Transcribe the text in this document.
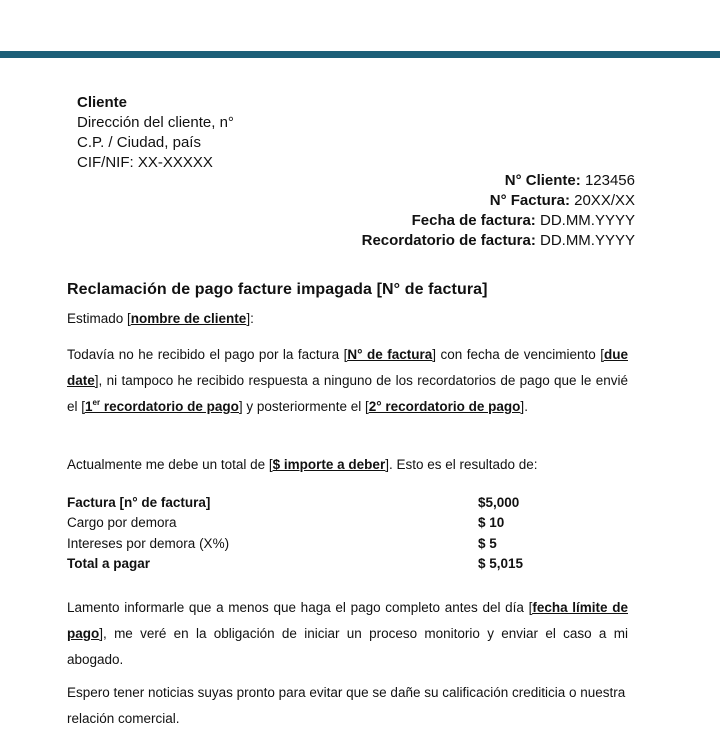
Cliente
Dirección del cliente, n°
C.P. / Ciudad, país
CIF/NIF: XX-XXXXX
N° Cliente: 123456
N° Factura: 20XX/XX
Fecha de factura: DD.MM.YYYY
Recordatorio de factura: DD.MM.YYYY
Reclamación de pago facture impagada [N° de factura]
Estimado [nombre de cliente]:
Todavía no he recibido el pago por la factura [N° de factura] con fecha de vencimiento [due date], ni tampoco he recibido respuesta a ninguno de los recordatorios de pago que le envié el [1er recordatorio de pago] y posteriormente el [2° recordatorio de pago].
Actualmente me debe un total de [$ importe a deber]. Esto es el resultado de:
Factura [n° de factura]	$5,000
Cargo por demora	$ 10
Intereses por demora (X%)	$ 5
Total a pagar	$ 5,015
Lamento informarle que a menos que haga el pago completo antes del día [fecha límite de pago], me veré en la obligación de iniciar un proceso monitorio y enviar el caso a mi abogado.
Espero tener noticias suyas pronto para evitar que se dañe su calificación crediticia o nuestra relación comercial.
